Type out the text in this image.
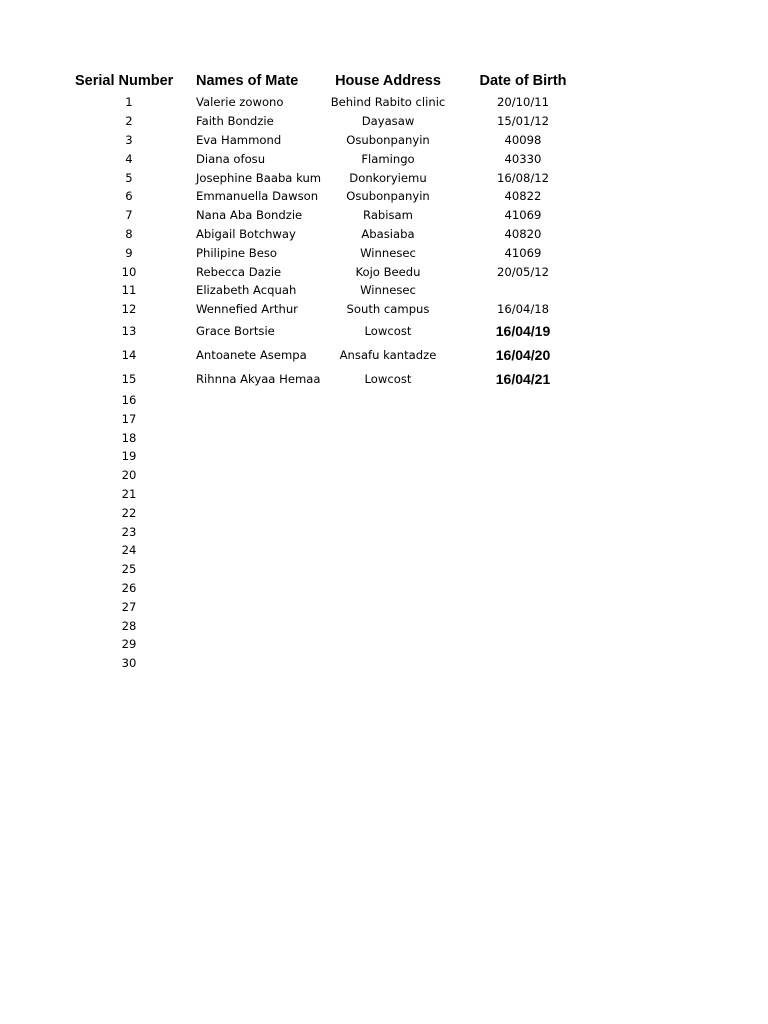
Serial Number	Names of Mate	House Address	Date of Birth
1	Valerie zowono	Behind Rabito clinic	20/10/11
2	Faith Bondzie	Dayasaw	15/01/12
3	Eva Hammond	Osubonpanyin	40098
4	Diana ofosu	Flamingo	40330
5	Josephine Baaba kum	Donkoryiemu	16/08/12
6	Emmanuella Dawson	Osubonpanyin	40822
7	Nana Aba Bondzie	Rabisam	41069
8	Abigail Botchway	Abasiaba	40820
9	Philipine Beso	Winnesec	41069
10	Rebecca Dazie	Kojo Beedu	20/05/12
11	Elizabeth Acquah	Winnesec
12	Wennefied Arthur	South campus	16/04/18
13	Grace Bortsie	Lowcost	16/04/19
14	Antoanete Asempa	Ansafu kantadze	16/04/20
15	Rihnna Akyaa Hemaa	Lowcost	16/04/21
16
17
18
19
20
21
22
23
24
25
26
27
28
29
30
